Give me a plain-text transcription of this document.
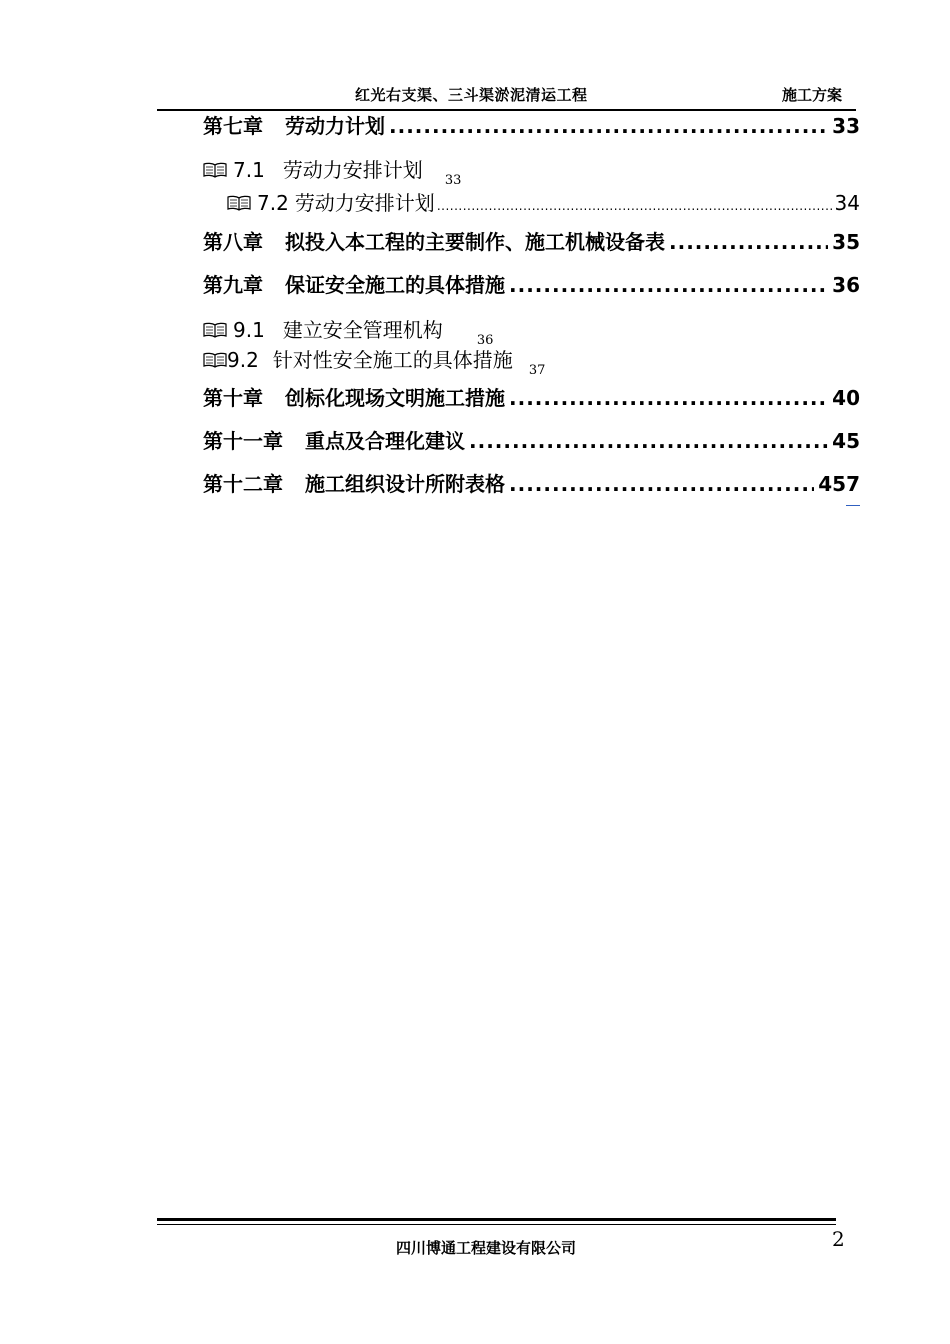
红光右支渠、三斗渠淤泥清运工程	施工方案
第七章 劳动力计划 .....	33
7.1 劳动力安排计划 33
7.2 劳动力安排计划 .....	34
第八章 拟投入本工程的主要制作、施工机械设备表 .....	35
第九章 保证安全施工的具体措施 .....	36
9.1 建立安全管理机构	36
9.2 针对性安全施工的具体措施 37
第十章 创标化现场文明施工措施 .....	40
第十一章 重点及合理化建议 .....	45
第十二章 施工组织设计所附表格 .....	457
四川博通工程建设有限公司	2
